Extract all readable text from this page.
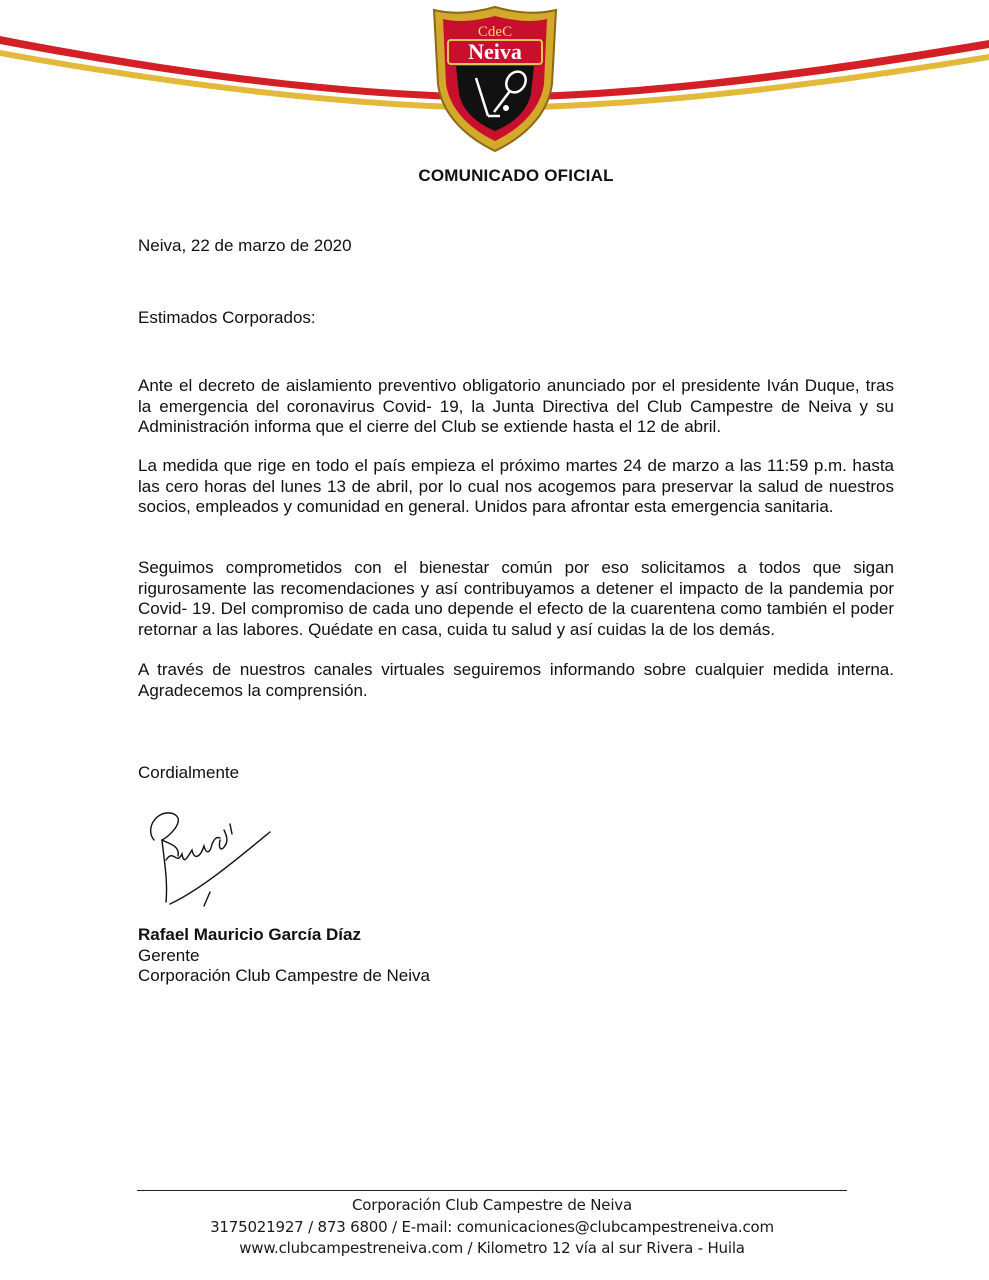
CdeC
Neiva
COMUNICADO OFICIAL
Neiva, 22 de marzo de 2020
Estimados Corporados:
Ante el decreto de aislamiento preventivo obligatorio anunciado por el presidente Iván Duque, tras la emergencia del coronavirus Covid- 19, la Junta Directiva del Club Campestre de Neiva y su Administración informa que el cierre del Club se extiende hasta el 12 de abril.
La medida que rige en todo el país empieza el próximo martes 24 de marzo a las 11:59 p.m. hasta las cero horas del lunes 13 de abril, por lo cual nos acogemos para preservar la salud de nuestros socios, empleados y comunidad en general. Unidos para afrontar esta emergencia sanitaria.
Seguimos comprometidos con el bienestar común por eso solicitamos a todos que sigan rigurosamente las recomendaciones y así contribuyamos a detener el impacto de la pandemia por Covid- 19. Del compromiso de cada uno depende el efecto de la cuarentena como también el poder retornar a las labores. Quédate en casa, cuida tu salud y así cuidas la de los demás.
A través de nuestros canales virtuales seguiremos informando sobre cualquier medida interna. Agradecemos la comprensión.
Cordialmente
Rafael Mauricio García Díaz
Gerente
Corporación Club Campestre de Neiva
Corporación Club Campestre de Neiva
3175021927 / 873 6800 / E-mail: comunicaciones@clubcampestreneiva.com
www.clubcampestreneiva.com / Kilometro 12 vía al sur Rivera - Huila
